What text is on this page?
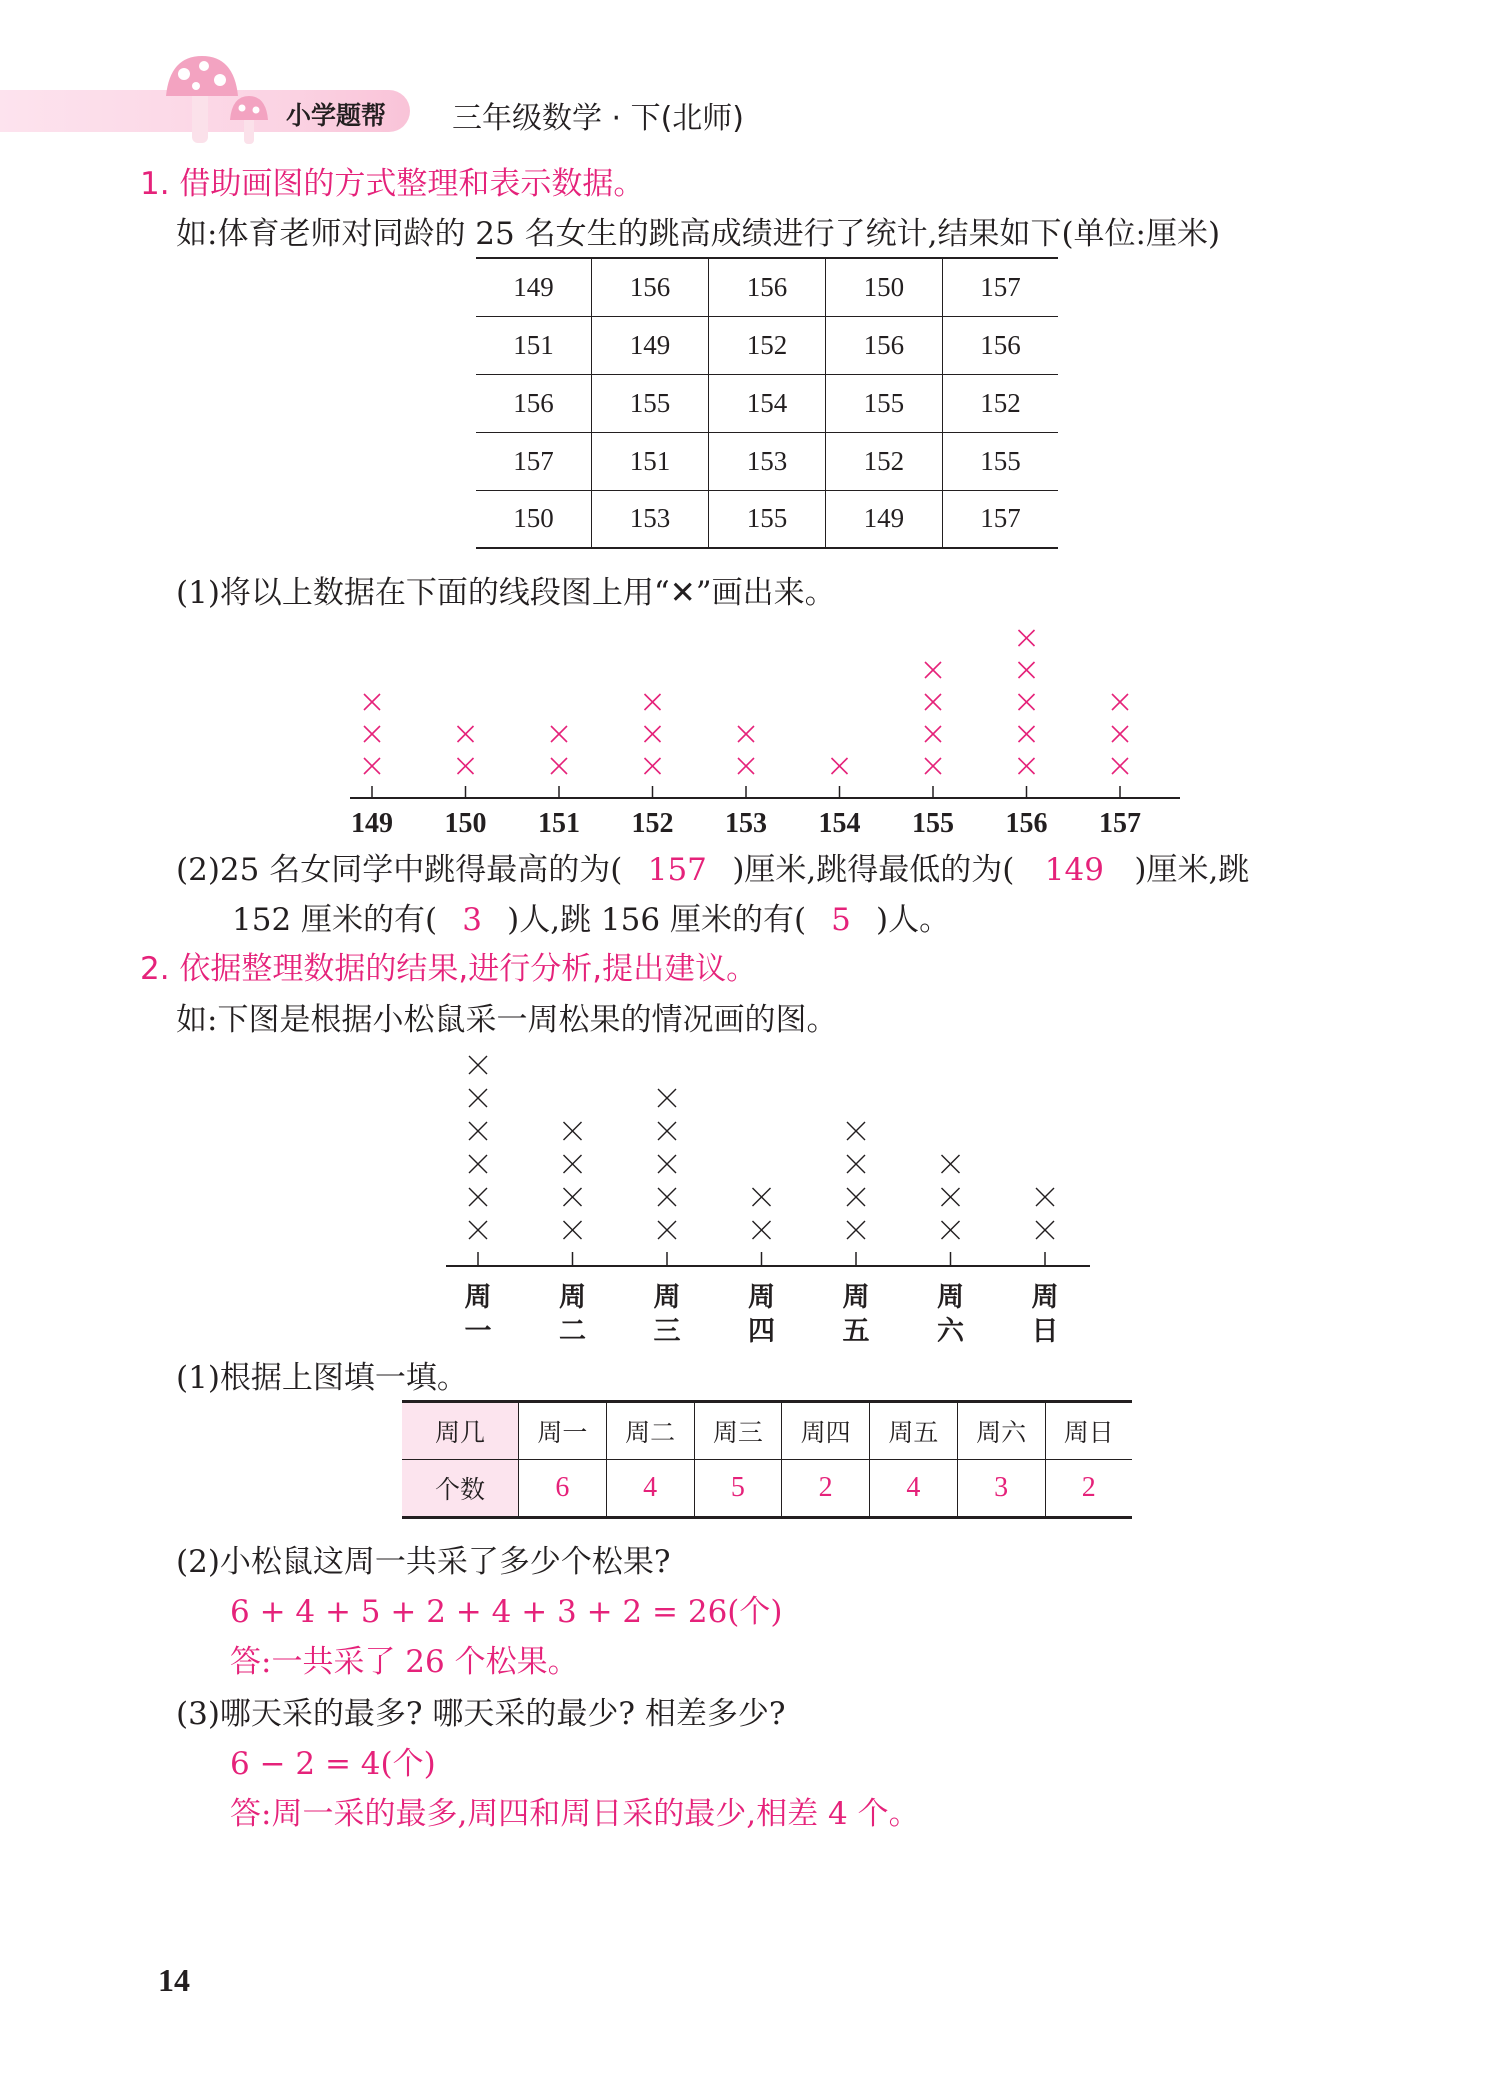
小学题帮 三年级数学 · 下(北师)
1. 借助画图的方式整理和表示数据。
如:体育老师对同龄的 25 名女生的跳高成绩进行了统计,结果如下(单位:厘米)
149	156	156	150	157
151	149	152	156	156
156	155	154	155	152
157	151	153	152	155
150	153	155	149	157
(1)将以上数据在下面的线段图上用“✕”画出来。
149 150 151 152 153 154 155 156 157
(2)25 名女同学中跳得最高的为( 157 )厘米,跳得最低的为( 149 )厘米,跳
152 厘米的有( 3 )人,跳 156 厘米的有( 5 )人。
2. 依据整理数据的结果,进行分析,提出建议。
如:下图是根据小松鼠采一周松果的情况画的图。
周
一
周
二
周
三
周
四
周
五
周
六
周
日
(1)根据上图填一填。
周几	周一	周二	周三	周四	周五	周六	周日
个数	6	4	5	2	4	3	2
(2)小松鼠这周一共采了多少个松果?
6 + 4 + 5 + 2 + 4 + 3 + 2 = 26(个)
答:一共采了 26 个松果。
(3)哪天采的最多? 哪天采的最少? 相差多少?
6 − 2 = 4(个)
答:周一采的最多,周四和周日采的最少,相差 4 个。
14
